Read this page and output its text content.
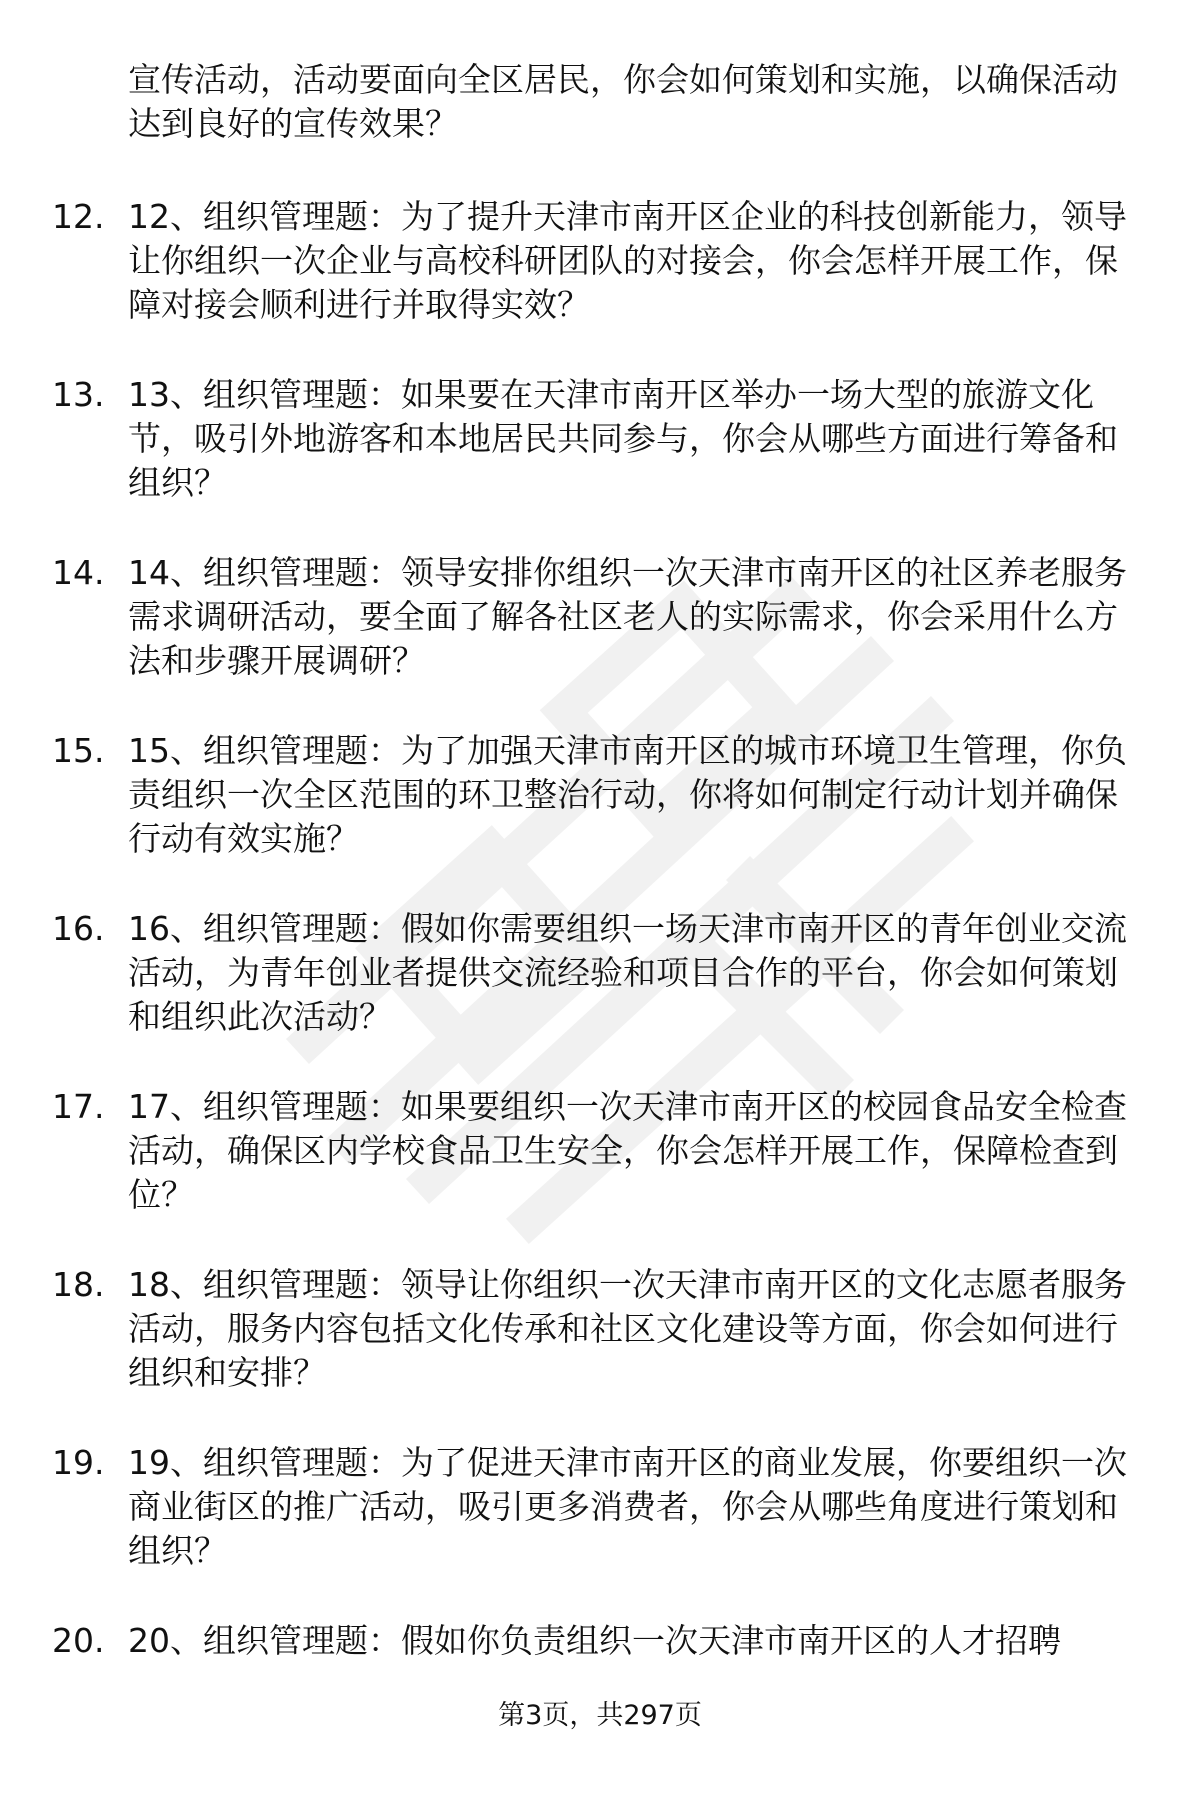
宣传活动，活动要面向全区居民，你会如何策划和实施，以确保活动达到良好的宣传效果？
12. 12、组织管理题：为了提升天津市南开区企业的科技创新能力，领导让你组织一次企业与高校科研团队的对接会，你会怎样开展工作，保障对接会顺利进行并取得实效？
13. 13、组织管理题：如果要在天津市南开区举办一场大型的旅游文化节，吸引外地游客和本地居民共同参与，你会从哪些方面进行筹备和组织？
14. 14、组织管理题：领导安排你组织一次天津市南开区的社区养老服务需求调研活动，要全面了解各社区老人的实际需求，你会采用什么方法和步骤开展调研？
15. 15、组织管理题：为了加强天津市南开区的城市环境卫生管理，你负责组织一次全区范围的环卫整治行动，你将如何制定行动计划并确保行动有效实施？
16. 16、组织管理题：假如你需要组织一场天津市南开区的青年创业交流活动，为青年创业者提供交流经验和项目合作的平台，你会如何策划和组织此次活动？
17. 17、组织管理题：如果要组织一次天津市南开区的校园食品安全检查活动，确保区内学校食品卫生安全，你会怎样开展工作，保障检查到位？
18. 18、组织管理题：领导让你组织一次天津市南开区的文化志愿者服务活动，服务内容包括文化传承和社区文化建设等方面，你会如何进行组织和安排？
19. 19、组织管理题：为了促进天津市南开区的商业发展，你要组织一次商业街区的推广活动，吸引更多消费者，你会从哪些角度进行策划和组织？
20. 20、组织管理题：假如你负责组织一次天津市南开区的人才招聘
第3页，共297页
